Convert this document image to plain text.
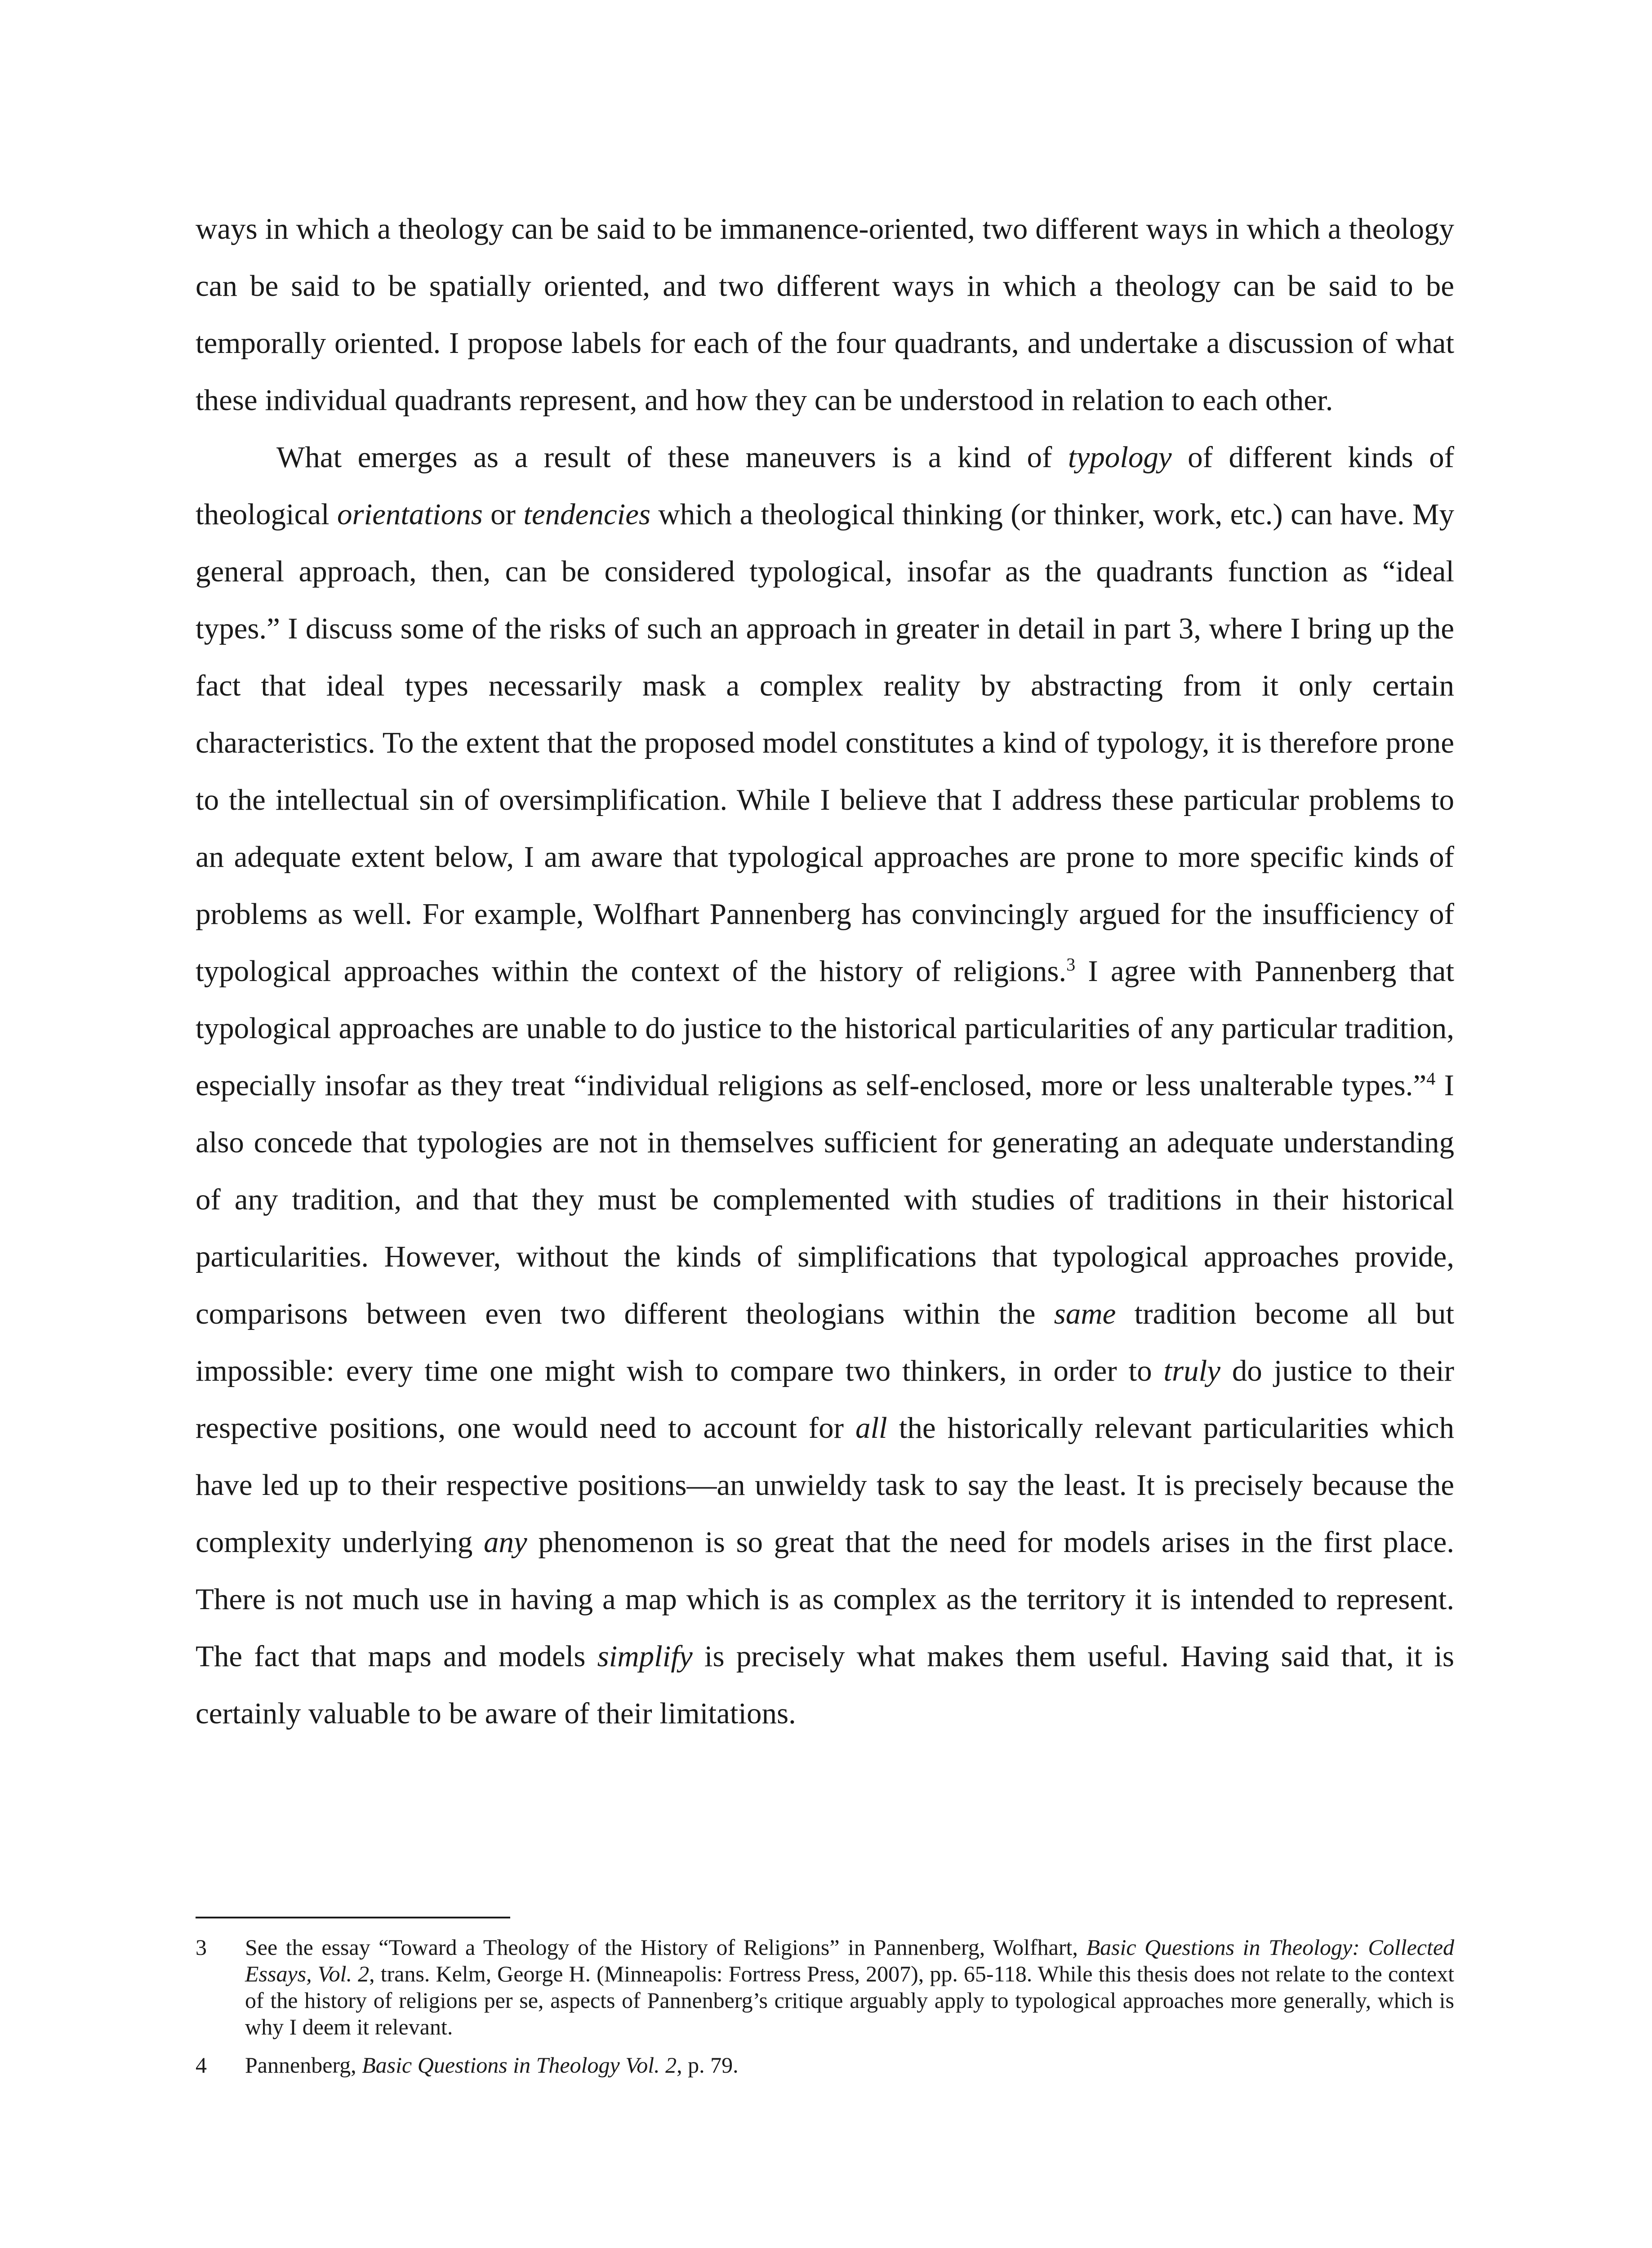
ways in which a theology can be said to be immanence-oriented, two different ways in which a theology can be said to be spatially oriented, and two different ways in which a theology can be said to be temporally oriented. I propose labels for each of the four quadrants, and undertake a discussion of what these individual quadrants represent, and how they can be understood in relation to each other.

What emerges as a result of these maneuvers is a kind of typology of different kinds of theological orientations or tendencies which a theological thinking (or thinker, work, etc.) can have. My general approach, then, can be considered typological, insofar as the quadrants function as “ideal types.” I discuss some of the risks of such an approach in greater in detail in part 3, where I bring up the fact that ideal types necessarily mask a complex reality by abstracting from it only certain characteristics. To the extent that the proposed model constitutes a kind of typology, it is therefore prone to the intellectual sin of oversimplification. While I believe that I address these particular problems to an adequate extent below, I am aware that typological approaches are prone to more specific kinds of problems as well. For example, Wolfhart Pannenberg has convincingly argued for the insufficiency of typological approaches within the context of the history of religions.$^3$ I agree with Pannenberg that typological approaches are unable to do justice to the historical particularities of any particular tradition, especially insofar as they treat “individual religions as self-enclosed, more or less unalterable types.”$^4$ I also concede that typologies are not in themselves sufficient for generating an adequate understanding of any tradition, and that they must be complemented with studies of traditions in their historical particularities. However, without the kinds of simplifications that typological approaches provide, comparisons between even two different theologians within the same tradition become all but impossible: every time one might wish to compare two thinkers, in order to truly do justice to their respective positions, one would need to account for all the historically relevant particularities which have led up to their respective positions—an unwieldy task to say the least. It is precisely because the complexity underlying any phenomenon is so great that the need for models arises in the first place. There is not much use in having a map which is as complex as the territory it is intended to represent. The fact that maps and models simplify is precisely what makes them useful. Having said that, it is certainly valuable to be aware of their limitations.

3	See the essay “Toward a Theology of the History of Religions” in Pannenberg, Wolfhart, Basic Questions in Theology: Collected Essays, Vol. 2, trans. Kelm, George H. (Minneapolis: Fortress Press, 2007), pp. 65-118. While this thesis does not relate to the context of the history of religions per se, aspects of Pannenberg’s critique arguably apply to typological approaches more generally, which is why I deem it relevant.
4	Pannenberg, Basic Questions in Theology Vol. 2, p. 79.
